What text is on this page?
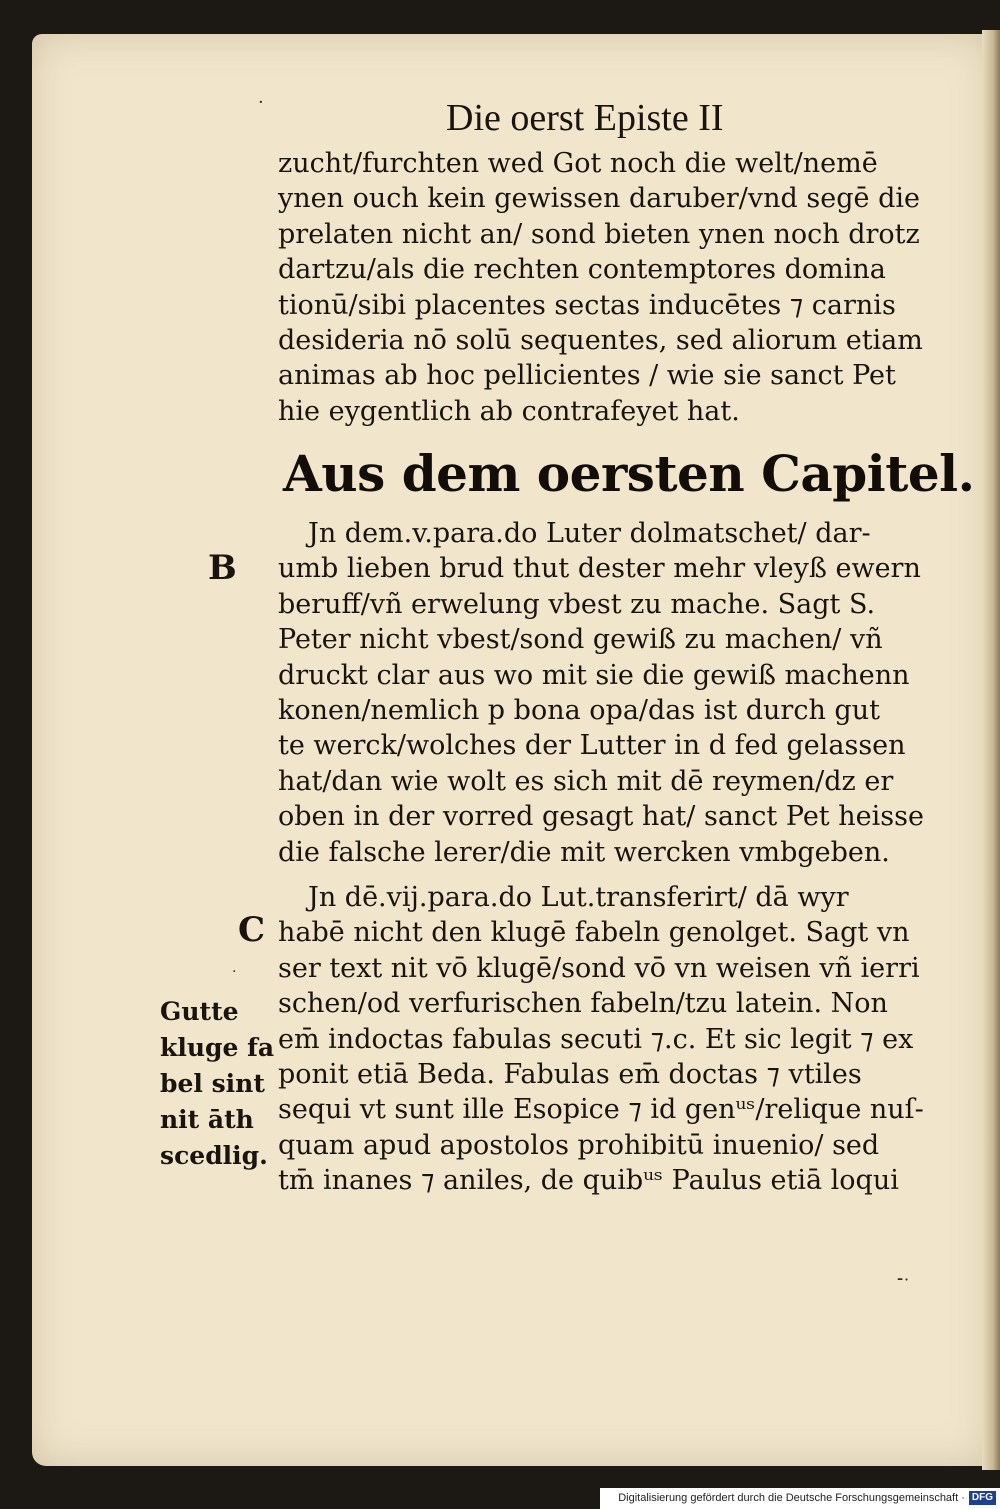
·
·
⁃·
Die oerst Episte II
zucht/furchten wed Got noch die welt/nemē
ynen ouch kein gewissen daruber/vnd segē die
prelaten nicht an/ sond bieten ynen noch drotz
dartzu/als die rechten contemptores domina
tionū/sibi placentes sectas inducētes ⁊ carnis
desideria nō solū sequentes, sed aliorum etiam
animas ab hoc pellicientes / wie sie sanct Pet
hie eygentlich ab contrafeyet hat.
Aus dem oersten Capitel.
Jn dem.v.para.do Luter dolmatschet/ dar-
umb lieben brud thut dester mehr vleyß ewern
beruff/vñ erwelung vbest zu mache. Sagt S.
Peter nicht vbest/sond gewiß zu machen/ vñ
druckt clar aus wo mit sie die gewiß machenn
konen/nemlich p bona opa/das ist durch gut
te werck/wolches der Lutter in d fed gelassen
hat/dan wie wolt es sich mit dē reymen/dz er
oben in der vorred gesagt hat/ sanct Pet heisse
die falsche lerer/die mit wercken vmbgeben.
Jn dē.vij.para.do Lut.transferirt/ dā wyr
habē nicht den klugē fabeln genolget. Sagt vn
ser text nit vō klugē/sond vō vn weisen vñ ierri
schen/od verfurischen fabeln/tzu latein. Non
em̄ indoctas fabulas secuti ⁊.c. Et sic legit ⁊ ex
ponit etiā Beda. Fabulas em̄ doctas ⁊ vtiles
sequi vt sunt ille Esopice ⁊ id genᵘˢ/relique nuſ-
quam apud apostolos prohibitū inuenio/ sed
tm̄ inanes ⁊ aniles, de quibᵘˢ Paulus etiā loqui
B
C
Gutte
kluge fa
bel sint
nit āth
scedlig.
Digitalisierung gefördert durch die Deutsche Forschungsgemeinschaft · DFG
